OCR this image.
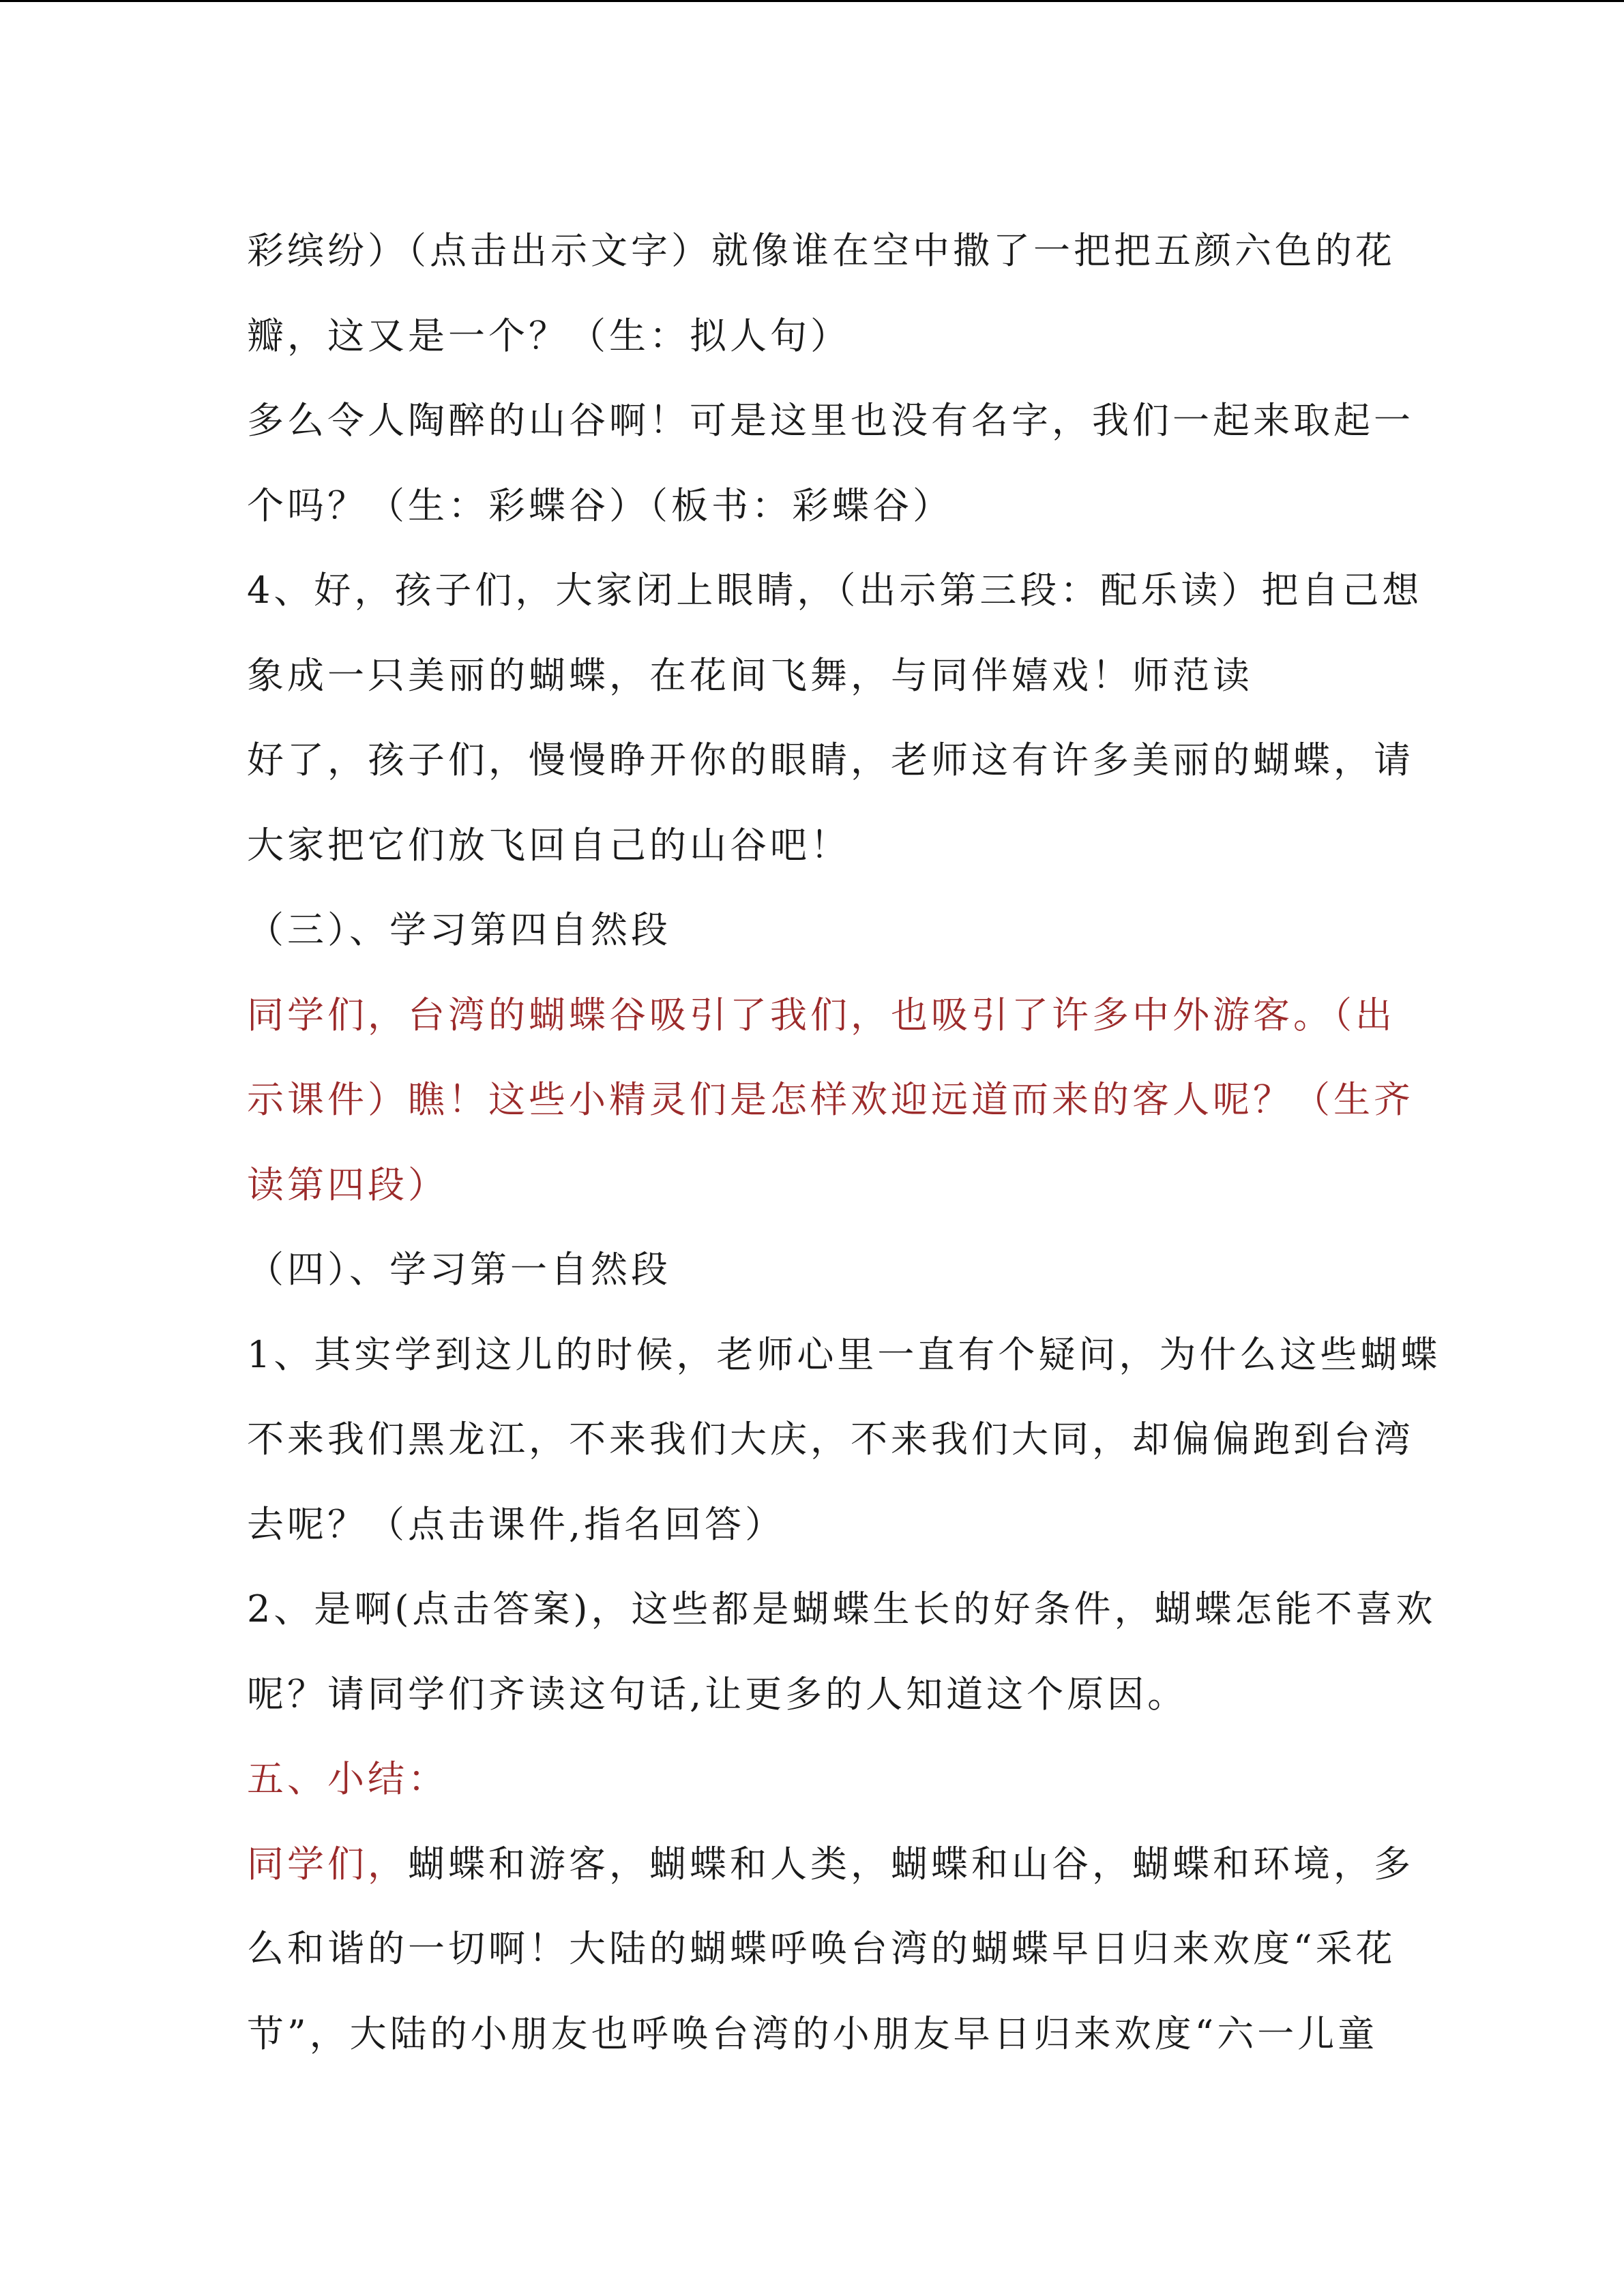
彩缤纷）（点击出示文字）就像谁在空中撒了一把把五颜六色的花
瓣，这又是一个？（生：拟人句）
多么令人陶醉的山谷啊！可是这里也没有名字，我们一起来取起一
个吗？（生：彩蝶谷）（板书：彩蝶谷）
4、好，孩子们，大家闭上眼睛，（出示第三段：配乐读）把自己想
象成一只美丽的蝴蝶，在花间飞舞，与同伴嬉戏！师范读
好了，孩子们，慢慢睁开你的眼睛，老师这有许多美丽的蝴蝶，请
大家把它们放飞回自己的山谷吧！
（三）、学习第四自然段
同学们，台湾的蝴蝶谷吸引了我们，也吸引了许多中外游客。（出
示课件）瞧！这些小精灵们是怎样欢迎远道而来的客人呢？（生齐
读第四段）
（四）、学习第一自然段
1、其实学到这儿的时候，老师心里一直有个疑问，为什么这些蝴蝶
不来我们黑龙江，不来我们大庆，不来我们大同，却偏偏跑到台湾
去呢？（点击课件,指名回答）
2、是啊(点击答案)，这些都是蝴蝶生长的好条件，蝴蝶怎能不喜欢
呢？请同学们齐读这句话,让更多的人知道这个原因。
五、小结：
同学们，蝴蝶和游客，蝴蝶和人类，蝴蝶和山谷，蝴蝶和环境，多
么和谐的一切啊！大陆的蝴蝶呼唤台湾的蝴蝶早日归来欢度“采花
节”，大陆的小朋友也呼唤台湾的小朋友早日归来欢度“六一儿童
